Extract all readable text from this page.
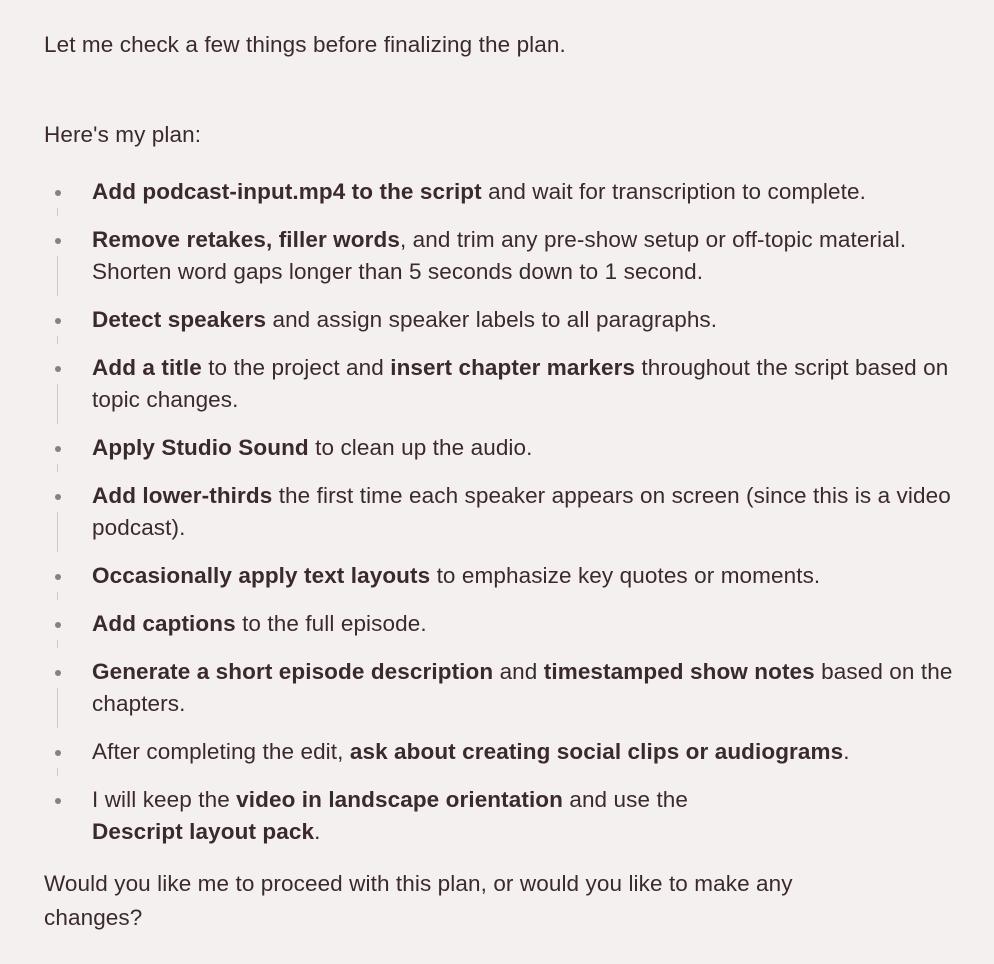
Let me check a few things before finalizing the plan.

Here's my plan:

Add podcast-input.mp4 to the script and wait for transcription to complete.
Remove retakes, filler words, and trim any pre-show setup or off-topic material. Shorten word gaps longer than 5 seconds down to 1 second.
Detect speakers and assign speaker labels to all paragraphs.
Add a title to the project and insert chapter markers throughout the script based on topic changes.
Apply Studio Sound to clean up the audio.
Add lower-thirds the first time each speaker appears on screen (since this is a video podcast).
Occasionally apply text layouts to emphasize key quotes or moments.
Add captions to the full episode.
Generate a short episode description and timestamped show notes based on the chapters.
After completing the edit, ask about creating social clips or audiograms.
I will keep the video in landscape orientation and use the
Descript layout pack.

Would you like me to proceed with this plan, or would you like to make any changes?
